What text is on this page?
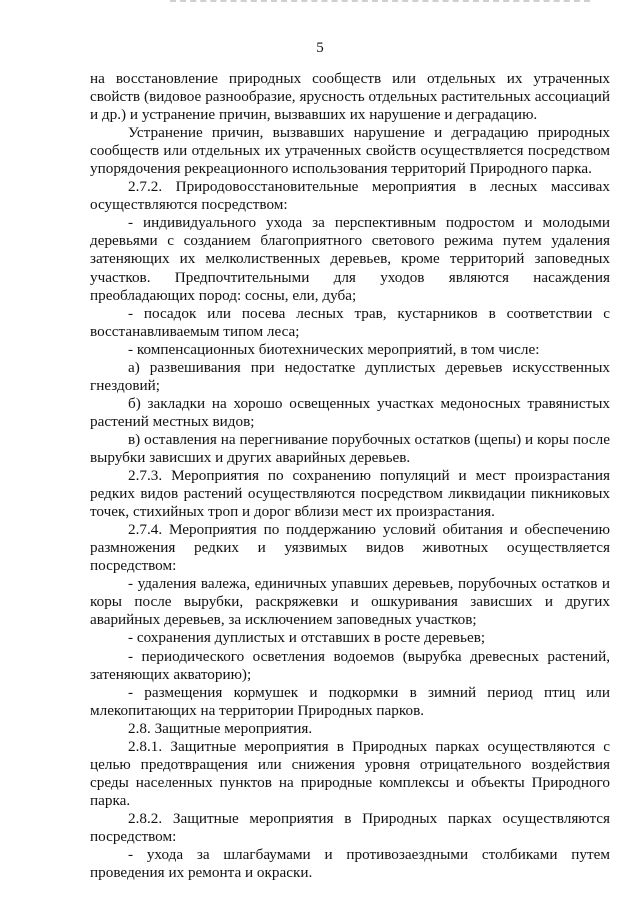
5

на восстановление природных сообществ или отдельных их утраченных свойств (видовое разнообразие, ярусность отдельных растительных ассоциаций и др.) и устранение причин, вызвавших их нарушение и деградацию.

Устранение причин, вызвавших нарушение и деградацию природных сообществ или отдельных их утраченных свойств осуществляется посредством упорядочения рекреационного использования территорий Природного парка.

2.7.2. Природовосстановительные мероприятия в лесных массивах осуществляются посредством:

- индивидуального ухода за перспективным подростом и молодыми деревьями с созданием благоприятного светового режима путем удаления затеняющих их мелколиственных деревьев, кроме территорий заповедных участков. Предпочтительными для уходов являются насаждения преобладающих пород: сосны, ели, дуба;

- посадок или посева лесных трав, кустарников в соответствии с восстанавливаемым типом леса;

- компенсационных биотехнических мероприятий, в том числе:

а) развешивания при недостатке дуплистых деревьев искусственных гнездовий;

б) закладки на хорошо освещенных участках медоносных травянистых растений местных видов;

в) оставления на перегнивание порубочных остатков (щепы) и коры после вырубки зависших и других аварийных деревьев.

2.7.3. Мероприятия по сохранению популяций и мест произрастания редких видов растений осуществляются посредством ликвидации пикниковых точек, стихийных троп и дорог вблизи мест их произрастания.

2.7.4. Мероприятия по поддержанию условий обитания и обеспечению размножения редких и уязвимых видов животных осуществляется посредством:

- удаления валежа, единичных упавших деревьев, порубочных остатков и коры после вырубки, раскряжевки и ошкуривания зависших и других аварийных деревьев, за исключением заповедных участков;

- сохранения дуплистых и отставших в росте деревьев;

- периодического осветления водоемов (вырубка древесных растений, затеняющих акваторию);

- размещения кормушек и подкормки в зимний период птиц или млекопитающих на территории Природных парков.

2.8. Защитные мероприятия.

2.8.1. Защитные мероприятия в Природных парках осуществляются с целью предотвращения или снижения уровня отрицательного воздействия среды населенных пунктов на природные комплексы и объекты Природного парка.

2.8.2. Защитные мероприятия в Природных парках осуществляются посредством:

- ухода за шлагбаумами и противозаездными столбиками путем проведения их ремонта и окраски.
